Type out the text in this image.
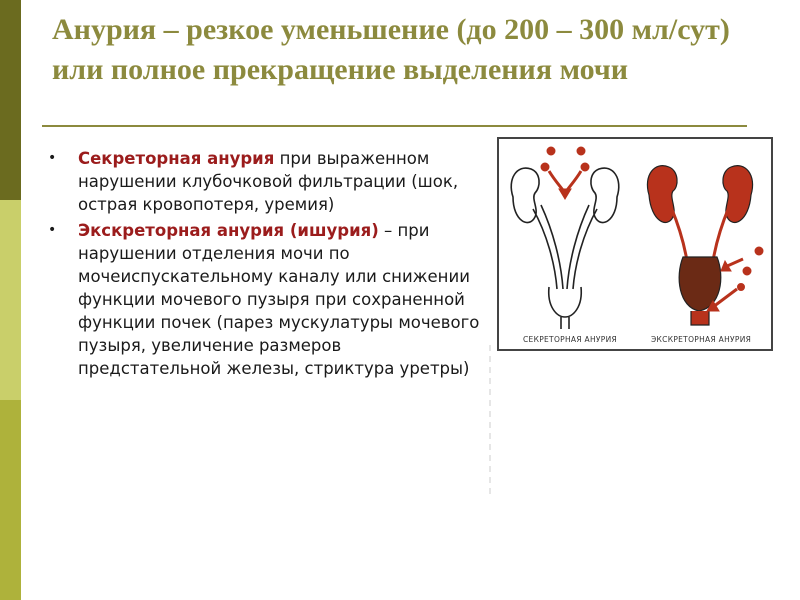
Анурия – резкое уменьшение (до 200 – 300 мл/сут) или полное прекращение выделения мочи
• Секреторная анурия при выраженном нарушении клубочковой фильтрации (шок, острая кровопотеря, уремия)
• Экскреторная анурия (ишурия) – при нарушении отделения мочи по мочеиспускательному каналу или снижении функции мочевого пузыря при сохраненной функции почек (парез мускулатуры мочевого пузыря, увеличение размеров предстательной железы, стриктура уретры)
СЕКРЕТОРНАЯ АНУРИЯ	ЭКСКРЕТОРНАЯ АНУРИЯ
